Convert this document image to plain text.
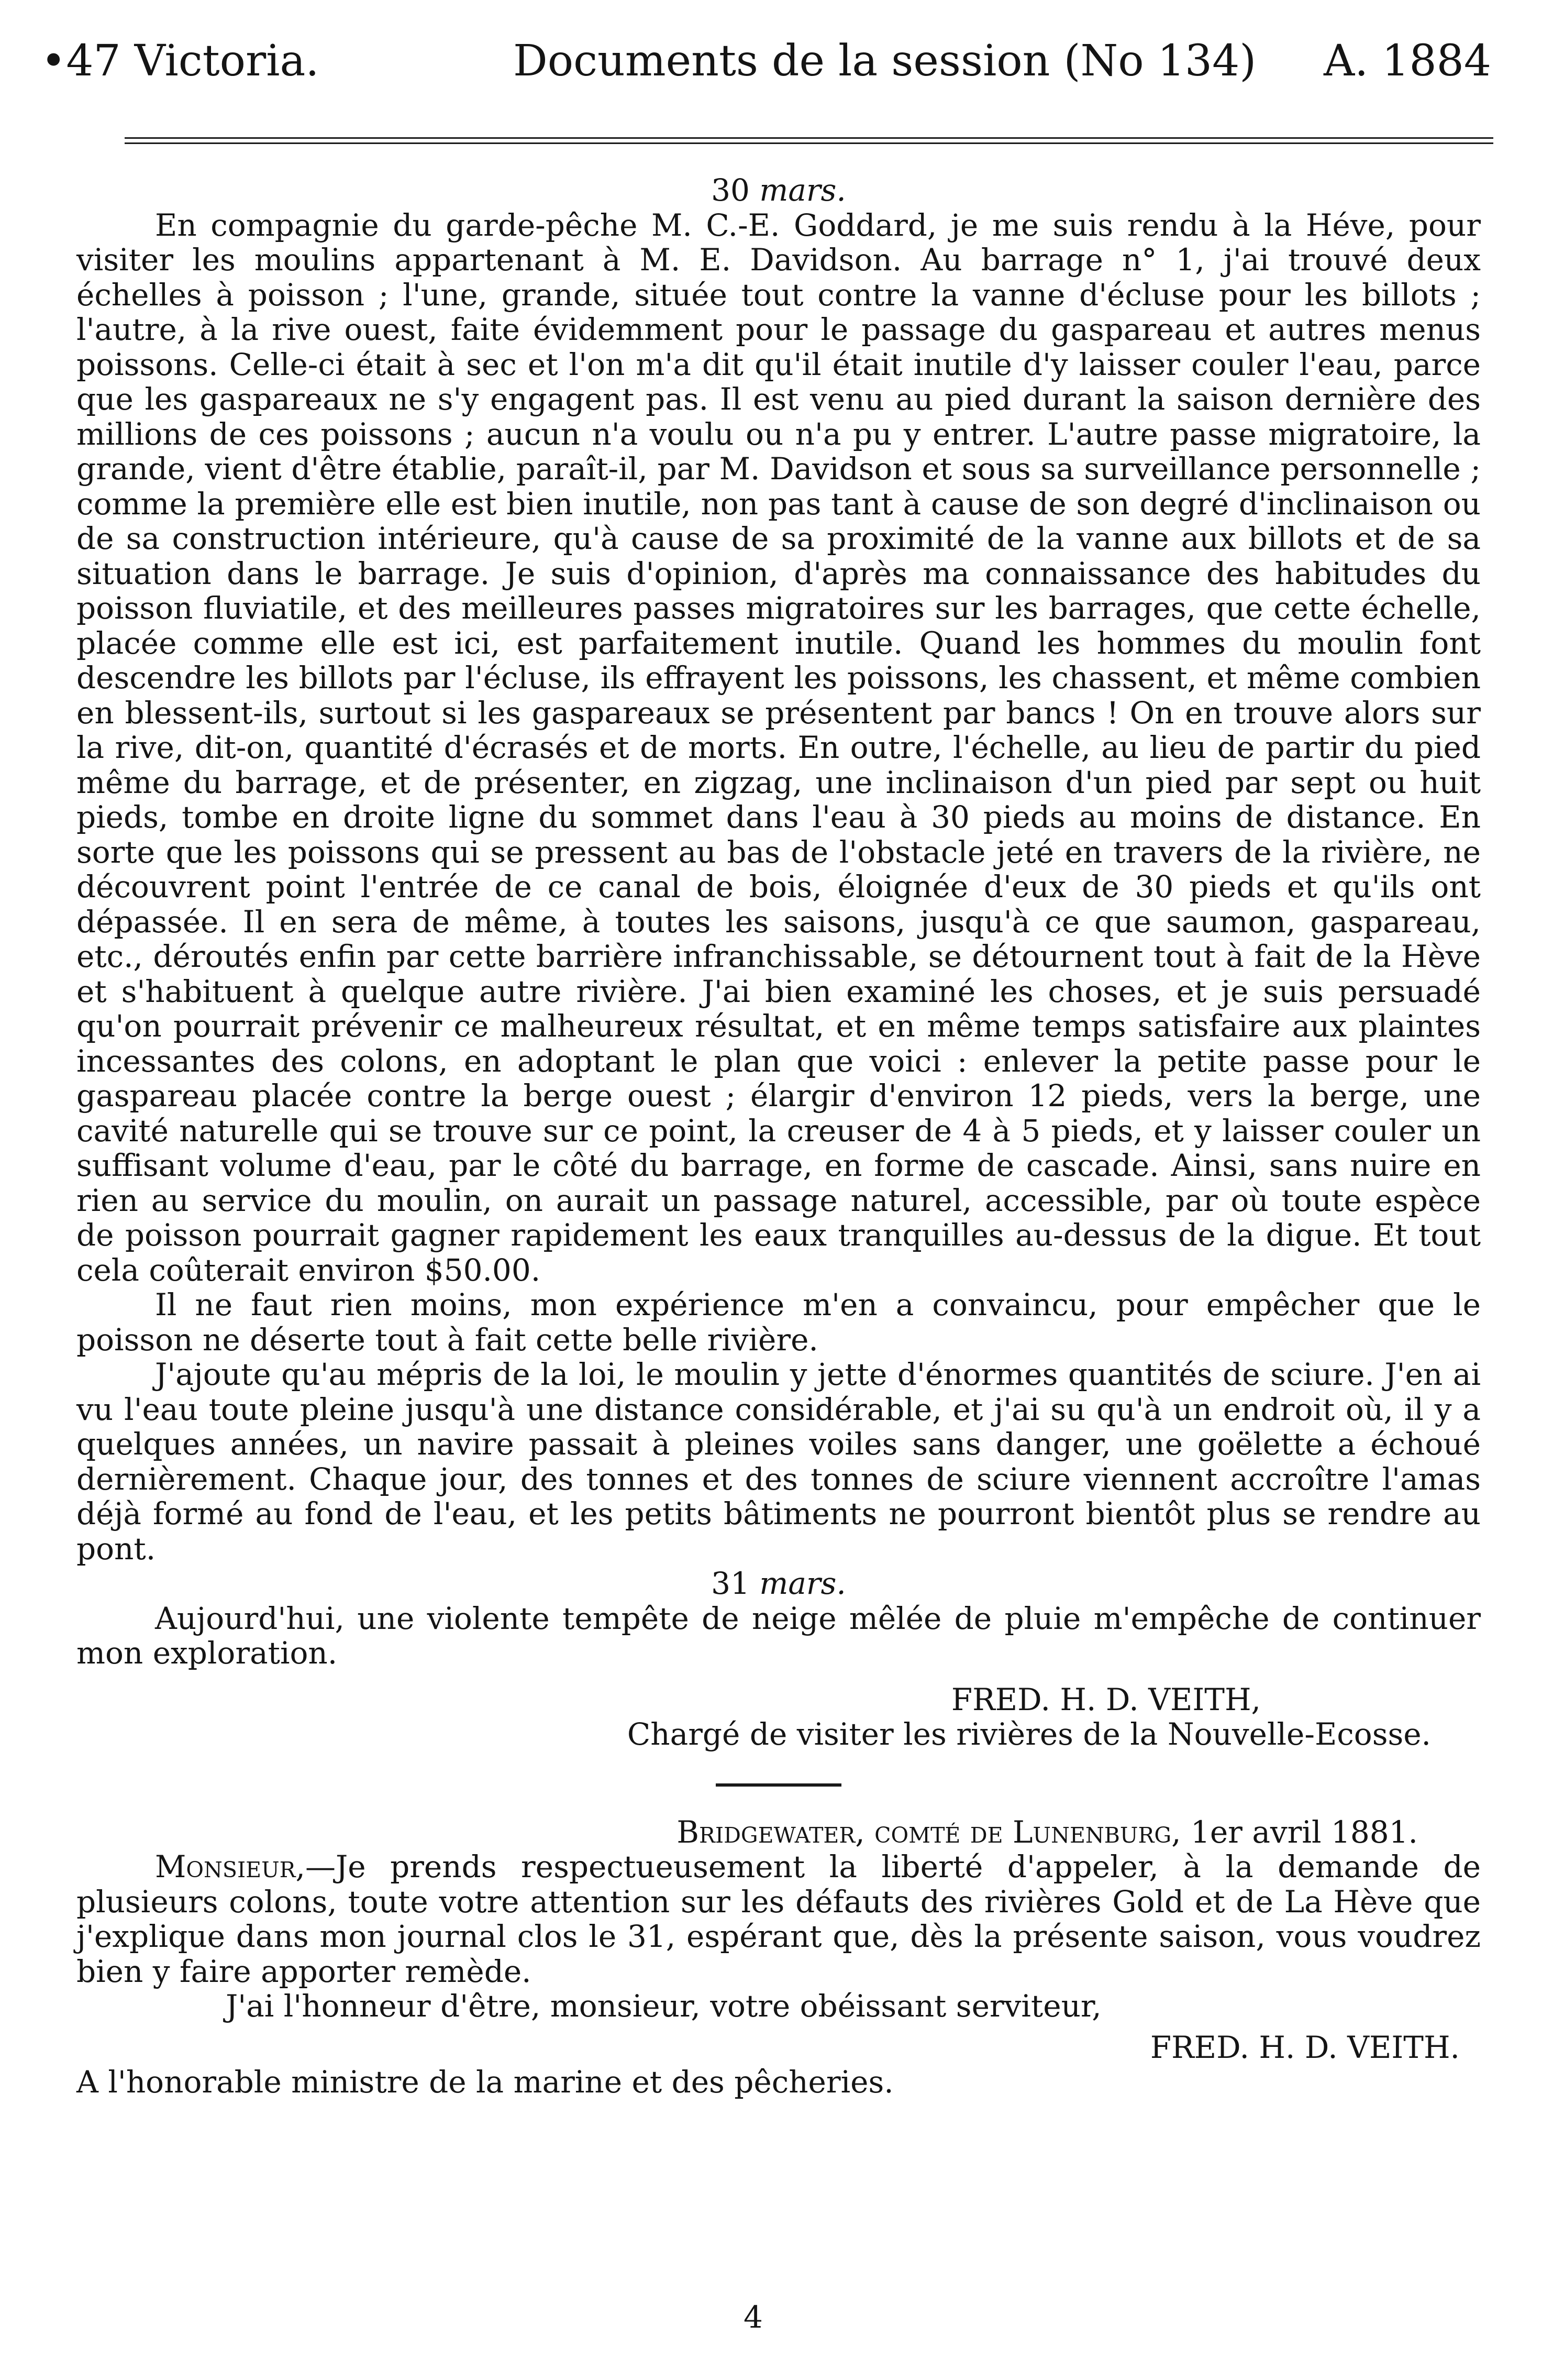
•47 Victoria.	Documents de la session (No 134) A. 1884

30 mars.

En compagnie du garde-pêche M. C.-E. Goddard, je me suis rendu à la Héve, pour visiter les moulins appartenant à M. E. Davidson. Au barrage n° 1, j'ai trouvé deux échelles à poisson ; l'une, grande, située tout contre la vanne d'écluse pour les billots ; l'autre, à la rive ouest, faite évidemment pour le passage du gaspareau et autres menus poissons. Celle-ci était à sec et l'on m'a dit qu'il était inutile d'y laisser couler l'eau, parce que les gaspareaux ne s'y engagent pas. Il est venu au pied durant la saison dernière des millions de ces poissons ; aucun n'a voulu ou n'a pu y entrer. L'autre passe migratoire, la grande, vient d'être établie, paraît-il, par M. Davidson et sous sa surveillance personnelle ; comme la première elle est bien inutile, non pas tant à cause de son degré d'inclinaison ou de sa construction intérieure, qu'à cause de sa proximité de la vanne aux billots et de sa situation dans le barrage. Je suis d'opinion, d'après ma connaissance des habitudes du poisson fluviatile, et des meilleures passes migratoires sur les barrages, que cette échelle, placée comme elle est ici, est parfaitement inutile. Quand les hommes du moulin font descendre les billots par l'écluse, ils effrayent les poissons, les chassent, et même combien en blessent-ils, surtout si les gaspareaux se présentent par bancs ! On en trouve alors sur la rive, dit-on, quantité d'écrasés et de morts. En outre, l'échelle, au lieu de partir du pied même du barrage, et de présenter, en zigzag, une inclinaison d'un pied par sept ou huit pieds, tombe en droite ligne du sommet dans l'eau à 30 pieds au moins de distance. En sorte que les poissons qui se pressent au bas de l'obstacle jeté en travers de la rivière, ne découvrent point l'entrée de ce canal de bois, éloignée d'eux de 30 pieds et qu'ils ont dépassée. Il en sera de même, à toutes les saisons, jusqu'à ce que saumon, gaspareau, etc., déroutés enfin par cette barrière infranchissable, se détournent tout à fait de la Hève et s'habituent à quelque autre rivière. J'ai bien examiné les choses, et je suis persuadé qu'on pourrait prévenir ce malheureux résultat, et en même temps satisfaire aux plaintes incessantes des colons, en adoptant le plan que voici : enlever la petite passe pour le gaspareau placée contre la berge ouest ; élargir d'environ 12 pieds, vers la berge, une cavité naturelle qui se trouve sur ce point, la creuser de 4 à 5 pieds, et y laisser couler un suffisant volume d'eau, par le côté du barrage, en forme de cascade. Ainsi, sans nuire en rien au service du moulin, on aurait un passage naturel, accessible, par où toute espèce de poisson pourrait gagner rapidement les eaux tranquilles au-dessus de la digue. Et tout cela coûterait environ $50.00.

Il ne faut rien moins, mon expérience m'en a convaincu, pour empêcher que le poisson ne déserte tout à fait cette belle rivière.

J'ajoute qu'au mépris de la loi, le moulin y jette d'énormes quantités de sciure. J'en ai vu l'eau toute pleine jusqu'à une distance considérable, et j'ai su qu'à un endroit où, il y a quelques années, un navire passait à pleines voiles sans danger, une goëlette a échoué dernièrement. Chaque jour, des tonnes et des tonnes de sciure viennent accroître l'amas déjà formé au fond de l'eau, et les petits bâtiments ne pourront bientôt plus se rendre au pont.

31 mars.

Aujourd'hui, une violente tempête de neige mêlée de pluie m'empêche de continuer mon exploration.

FRED. H. D. VEITH,

Chargé de visiter les rivières de la Nouvelle-Ecosse.

Bridgewater, comté de Lunenburg, 1er avril 1881.

Monsieur,—Je prends respectueusement la liberté d'appeler, à la demande de plusieurs colons, toute votre attention sur les défauts des rivières Gold et de La Hève que j'explique dans mon journal clos le 31, espérant que, dès la présente saison, vous voudrez bien y faire apporter remède.

J'ai l'honneur d'être, monsieur, votre obéissant serviteur,

FRED. H. D. VEITH.

A l'honorable ministre de la marine et des pêcheries.

4
